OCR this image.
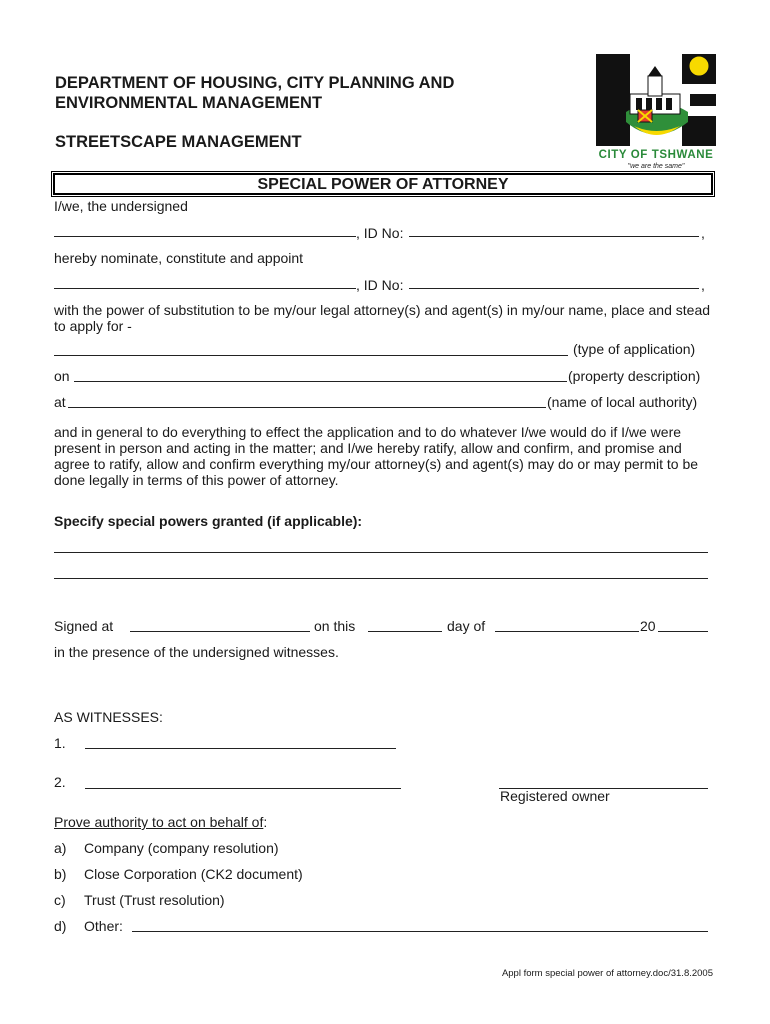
DEPARTMENT OF HOUSING, CITY PLANNING AND
ENVIRONMENTAL MANAGEMENT
STREETSCAPE MANAGEMENT
CITY OF TSHWANE
"we are the same"
SPECIAL POWER OF ATTORNEY
I/we, the undersigned
, ID No:	,
hereby nominate, constitute and appoint
, ID No:	,
with the power of substitution to be my/our legal attorney(s) and agent(s) in my/our name, place and stead to apply for -
(type of application)
on	(property description)
at	(name of local authority)
and in general to do everything to effect the application and to do whatever I/we would do if I/we were present in person and acting in the matter; and I/we hereby ratify, allow and confirm, and promise and agree to ratify, allow and confirm everything my/our attorney(s) and agent(s) may do or may permit to be done legally in terms of this power of attorney.
Specify special powers granted (if applicable):
Signed at	on this	day of	20
in the presence of the undersigned witnesses.
AS WITNESSES:
1.
2.
Registered owner
Prove authority to act on behalf of:
a) Company (company resolution)
b) Close Corporation (CK2 document)
c) Trust (Trust resolution)
d) Other:
Appl form special power of attorney.doc/31.8.2005
